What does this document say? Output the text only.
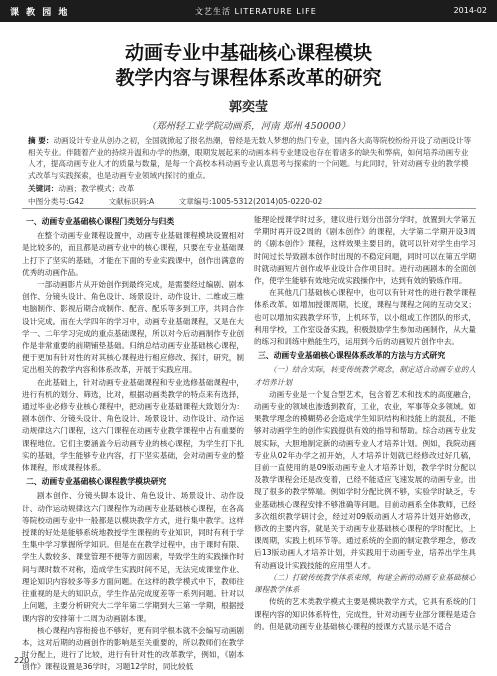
课 教 园 地	文艺生活 LITERATURE LIFE	2014-02
动画专业中基础核心课程模块
教学内容与课程体系改革的研究
郭奕莹
（郑州轻工业学院动画系，河南 郑州 450000）
摘 要：动画设计专业从创办之初，全国就掀起了报名热潮，曾经是无数人梦想的热门专业，国内各大高等院校纷纷开设了动画设计等相关专业。伴随着产业的持续升温和办学的热潮，眼期发展起来的动画本科专业建设也存在着诸多的缺失和弊病，如何培养动画专业人才，提高动画专业人才的质量与数量，是每一个高校本科动画专业认真思考与探索的一个问题。与此同时，针对动画专业的教学模式改革与实践探索，也是动画专业领域内探讨的重点。
关键词：动画；教学模式；改革
中图分类号:G42	文献标识码:A	文章编号:1005-5312(2014)05-0220-02
一、动画专业基础核心课程门类划分与归类

在整个动画专业课程设置中，动画专业基础课程模块设置相对是比较多的，而且都是动画专业中的核心课程，只要在专业基础课上打下了坚实的基础，才能在下面的专业实践课中，创作出满意的优秀的动画作品。

一部动画影片从开始创作到最终完成，是需要经过编剧、剧本创作、分镜头设计、角色设计、场景设计、动作设计、二维或三维电脑制作、影视后期合成制作、配音、配乐等多到工序，共同合作设计完成。而在大学四年的学习中，动画专业基础课程，又是在大学一、二年学习完成的重点基础课程，所以对今后动画制作专业创作是非常重要的前期铺垫基础。归纳总结动画专业基础核心课程，便于更加有针对性的对其核心课程进行相应修改、探讨，研究，制定出相关的教学内容和体系改革，开展于实践应用。

在此基础上，针对动画专业基础课程和专业选修基础课程中，进行有机的划分、筛选，比对，根据动画类教学的特点来有选择，通过毕业必修专业核心课程中，把动画专业基础课程大致划分为：剧本创作、分镜头设计、角色设计、场景设计、动作设计、动作运动规律这六门课程，这六门课程在动画专业教学课程中占有重要的课程地位。它们主要涵盖今后动画专业的核心课程，为学生打下扎实的基础，学生能够专业内容，打下坚实基础，会对动画专业的整体课程，形成课程体系。

二、动画专业基础核心课程教学模块研究

剧本创作、分镜头脚本设计、角色设计、场景设计、动作设计、动作运动规律这六门课程作为动画专业基础核心课程，在各高等院校动画专业中一般都是以模块教学方式，进行集中教学。这样授课的好处是能够系统地教授学生课程的专业知识，同时有利于学生集中学习掌握所学知识。但是在在教学过程中，由于课时有限、学生人数较多、课堂管理不便等方面因素，导致学生的实践操作时间与课时数不对称，造成学生实践时间不足，无法完成课堂作业、理论知识内容较多等多方面问题。在这样的教学模式中下，教师往往重视的是大的知识点，学生作品完成度差等一系列问题。针对以上问题，主要分析研究大二学年第二学期到大三第一学期，根据授课内容的安排第十二周为动画剧本课。

核心课程内容衔接也不够好，更有同学根本就不会编写动画剧本，这对后期的动画创作的影响是至关重要的，所以教师们在教学时分配上，进行了比较，进行有针对性的改革教学，例如，《剧本创作》课程设置是36学时，习题12学时，同比较低

能理论授课学时过多，建议进行划分出部分学时，放置到大学第五学期时再开设2周的《剧本创作》的课程，大学第二学期开设3周的《剧本创作》课程，这样效果主要目的，就可以针对学生由学习时间过长导致剧本创作时出现的不稳定问题，同时可以在第五学期时就动画短片创作或毕业设计合作项目时。进行动画剧本的全面创作，使学生能够有效地完成实践操作中，达到有效的锻炼作用。

在其他几门基础核心课程中，也可以有针对性的进行教学课程体系改革。如增加授课周期，长度，课程与课程之间的互动交叉；也可以增加实践教学环节，上机环节，以小组或工作团队的形式，利用学校，工作室设备实践，积极鼓励学生参加动画制作，从大量的练习和训练中熟能生巧，运用到今后的动画短片创作中去。

三、动画专业基础核心课程体系改革的方法与方式研究

（一）结合实际，转变传统教学观念，制定适合动画专业的人才培养计划

动画专业是一个复合型艺术，包含着艺术和技术的高度融合，动画专业的领域也渗透到教育，工业，农业，军事等众多领域。如果教学理念的模糊势必会造成学生知识结构和技能上的混乱，不能够对动画学生的创作实践提供有效的指导和帮助。综合动画专业发展实际，大胆地制定新的动画专业人才培养计划。例如，我院动画专业从02年办学之初开始，人才培养计划就已经修改过好几稿，目前一直使用的是09版动画专业人才培养计划，教学学时分配以及教学课程会还是改变着，已经不能适应飞速发展的动画专业，出现了很多的教学弊端。例如学时分配比例不够，实验学时缺乏，专业基础核心课程安排不够准确等问题。目前动画系全体教师，已经多次组织教学研讨会，经过对09版动画人才培养计划开始修改，修改的主要内容，就是关于动画专业基础核心课程的学时配比，上课周期，实践上机环节等。通过系统的全面的制定教学理念，修改后13版动画人才培养计划，并实践用于动画专业，培养出学生具有动画设计实践技能的应用型人才。

（二）打破传统教学体系束缚，构建全新的动画专业基础核心课程教学体系

传统的艺术类教学模式主要是模块教学方式，它具有系统的门课程内容的知识体系特性，完成性，针对动画专业部分课程是适合的。但是就动画专业基础核心课程的授课方式显示是不适合

220
